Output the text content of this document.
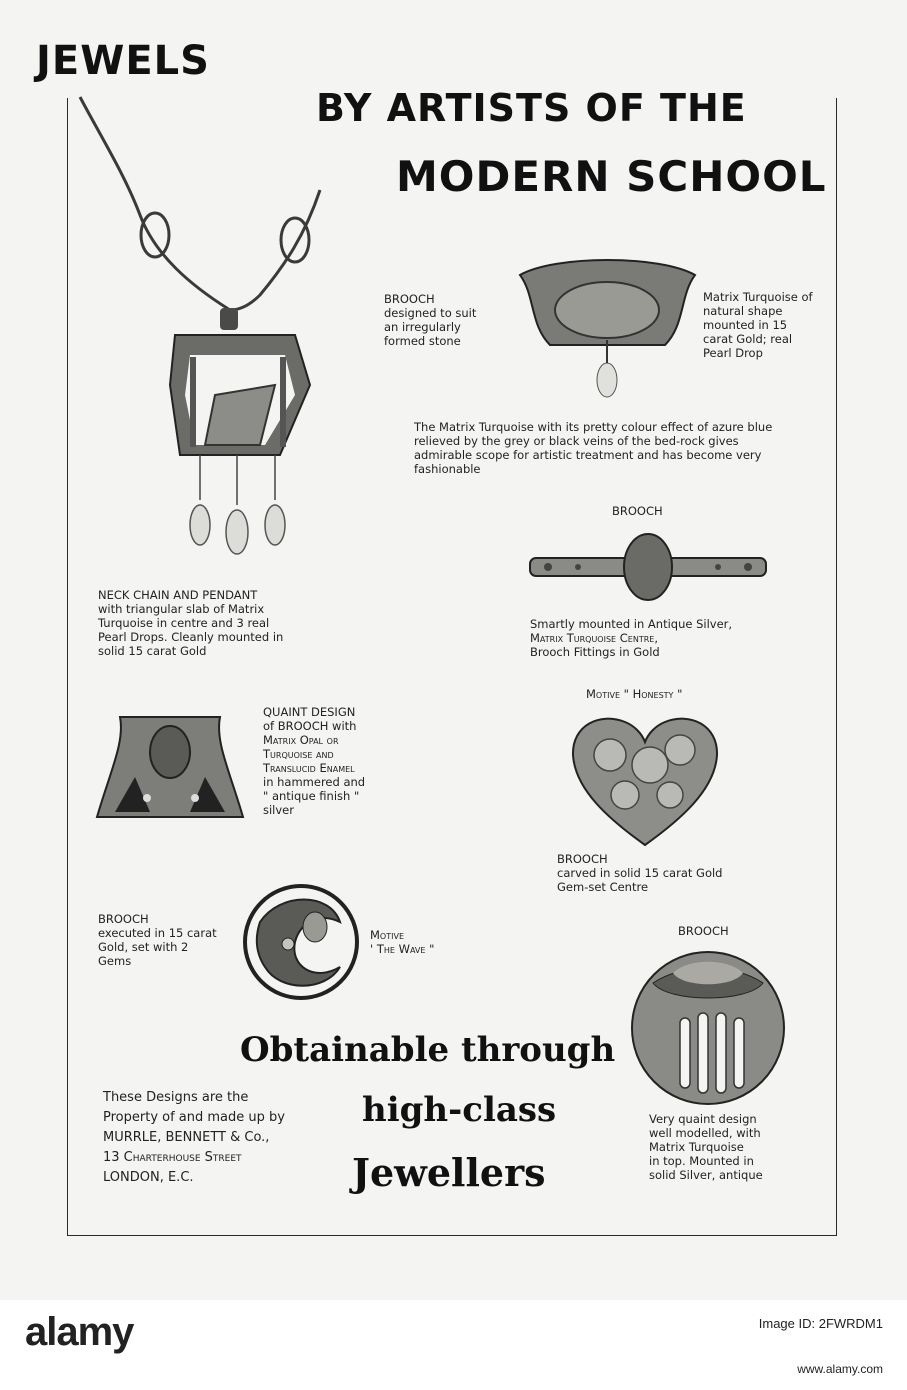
JEWELS
BY ARTISTS OF THE
MODERN SCHOOL
BROOCH
designed to suit an irregularly formed stone
Matrix Turquoise of natural shape mounted in 15 carat Gold; real Pearl Drop
The Matrix Turquoise with its pretty colour effect of azure blue relieved by the grey or black veins of the bed-rock gives admirable scope for artistic treatment and has become very fashionable
BROOCH
Smartly mounted in Antique Silver,
Matrix Turquoise Centre,
Brooch Fittings in Gold
NECK CHAIN AND PENDANT
with triangular slab of Matrix
Turquoise in centre and 3 real
Pearl Drops. Cleanly mounted in
solid 15 carat Gold
Motive " Honesty "
BROOCH
carved in solid 15 carat Gold
Gem-set Centre
QUAINT DESIGN
of BROOCH with
Matrix Opal or
Turquoise and
Translucid Enamel
in hammered and
" antique finish "
silver
BROOCH
executed in 15 carat
Gold, set with 2
Gems
Motive
' The Wave "
BROOCH
Very quaint design
well modelled, with
Matrix Turquoise
in top. Mounted in
solid Silver, antique
Obtainable through
high-class
Jewellers
These Designs are the
Property of and made up by
MURRLE, BENNETT & Co.,
13 Charterhouse Street
LONDON, E.C.
alamy	Image ID: 2FWRDM1
www.alamy.com
